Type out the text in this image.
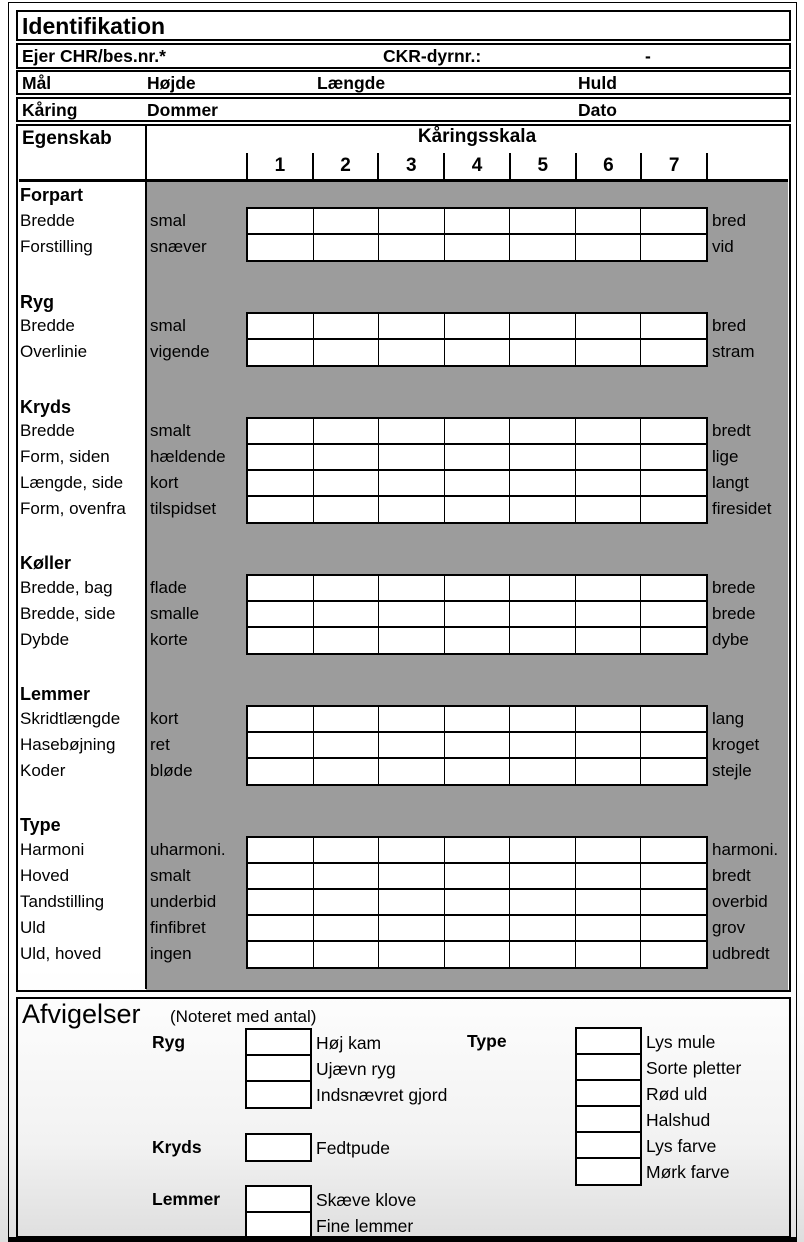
Identifikation
Ejer CHR/bes.nr.*	CKR-dyrnr.:	-
Mål	Højde	Længde	Huld
Kåring	Dommer	Dato
Egenskab	Kåringsskala
1	2	3	4	5	6	7
Forpart
Bredde	smal	bred
Forstilling	snæver	vid
Ryg
Bredde	smal	bred
Overlinie	vigende	stram
Kryds
Bredde	smalt	bredt
Form, siden	hældende	lige
Længde, side	kort	langt
Form, ovenfra	tilspidset	firesidet
Køller
Bredde, bag	flade	brede
Bredde, side	smalle	brede
Dybde	korte	dybe
Lemmer
Skridtlængde	kort	lang
Hasebøjning	ret	kroget
Koder	bløde	stejle
Type
Harmoni	uharmoni.	harmoni.
Hoved	smalt	bredt
Tandstilling	underbid	overbid
Uld	finfibret	grov
Uld, hoved	ingen	udbredt
Afvigelser (Noteret med antal)
Ryg	Høj kam
Ujævn ryg
Indsnævret gjord
Kryds	Fedtpude
Lemmer	Skæve klove
Fine lemmer
Type	Lys mule
Sorte pletter
Rød uld
Halshud
Lys farve
Mørk farve
